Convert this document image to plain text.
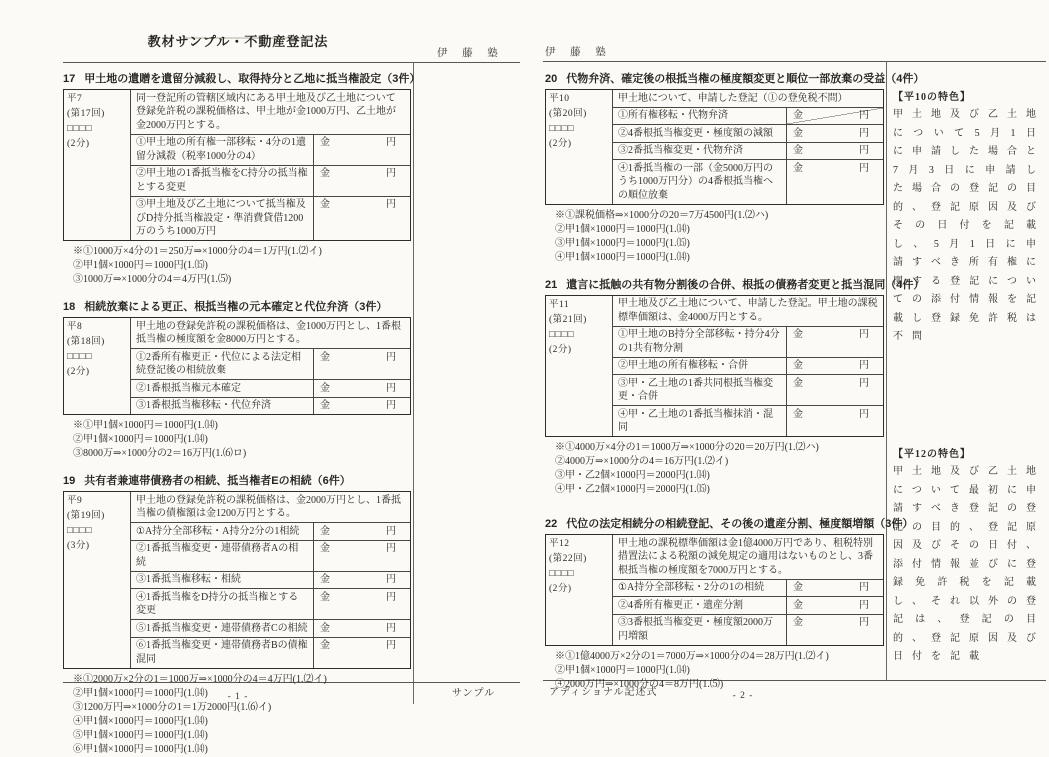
教材サンプル・不動産登記法
伊 藤 塾	伊 藤 塾
17 甲土地の遺贈を遺留分減殺し、取得持分と乙地に抵当権設定（3件）
平7
(第17回)
□□□□
(2分)
同一登記所の管轄区域内にある甲土地及び乙土地について登録免許税の課税価格は、甲土地が金1000万円、乙土地が金2000万円とする。
①甲土地の所有権一部移転・4分の1遺留分減殺（税率1000分の4）
金	円
②甲土地の1番抵当権をC持分の抵当権とする変更
金	円
③甲土地及び乙土地について抵当権及びD持分抵当権設定・準消費貸借1200万のうち1000万円
金	円
※①1000万×4分の1＝250万⇒×1000分の4＝1万円(1.⑵イ)
②甲1個×1000円＝1000円(1.⒂)
③1000万⇒×1000分の4＝4万円(1.⑸)
18 相続放棄による更正、根抵当権の元本確定と代位弁済（3件）
平8
(第18回)
□□□□
(2分)
甲土地の登録免許税の課税価格は、金1000万円とし、1番根抵当権の極度額を金8000万円とする。
①2番所有権更正・代位による法定相続登記後の相続放棄
金	円
②1番根抵当権元本確定	金	円
③1番根抵当権移転・代位弁済	金	円
※①甲1個×1000円＝1000円(1.⒁)
②甲1個×1000円＝1000円(1.⒁)
③8000万⇒×1000分の2＝16万円(1.⑹ロ)
19 共有者兼連帯債務者の相続、抵当権者Eの相続（6件）
平9
(第19回)
□□□□
(3分)
甲土地の登録免許税の課税価格は、金2000万円とし、1番抵当権の債権額は金1200万円とする。
①A持分全部移転・A持分2分の1相続	金	円
②1番抵当権変更・連帯債務者Aの相続
金	円
③1番抵当権移転・相続	金	円
④1番抵当権をD持分の抵当権とする変更
金	円
⑤1番抵当権変更・連帯債務者Cの相続	金	円
⑥1番抵当権変更・連帯債務者Bの債権混同
金	円
※①2000万×2分の1＝1000万⇒×1000分の4＝4万円(1.⑵イ)
②甲1個×1000円＝1000円(1.⒁)
③1200万円⇒×1000分の1＝1万2000円(1.⑹イ)
④甲1個×1000円＝1000円(1.⒁)
⑤甲1個×1000円＝1000円(1.⒁)
⑥甲1個×1000円＝1000円(1.⒁)
20 代物弁済、確定後の根抵当権の極度額変更と順位一部放棄の受益（4件）
平10
(第20回)
□□□□
(2分)
甲土地について、申請した登記（①の登免税不問）
①所有権移転・代物弁済	金	円
②4番根抵当権変更・極度額の減額	金	円
③2番抵当権変更・代物弁済	金	円
④1番抵当権の一部（金5000万円のうち1000万円分）の4番根抵当権への順位放棄
金	円
※①課税価格⇒×1000分の20＝7万4500円(1.⑵ハ)
②甲1個×1000円＝1000円(1.⒁)
③甲1個×1000円＝1000円(1.⒂)
④甲1個×1000円＝1000円(1.⒁)
21 遺言に抵触の共有物分割後の合併、根抵の債務者変更と抵当混同（4件）
平11
(第21回)
□□□□
(2分)
甲土地及び乙土地について、申請した登記。甲土地の課税標準価額は、金4000万円とする。
①甲土地のB持分全部移転・持分4分の1共有物分割
金	円
②甲土地の所有権移転・合併	金	円
③甲・乙土地の1番共同根抵当権変更・合併
金	円
④甲・乙土地の1番抵当権抹消・混同
金	円
※①4000万×4分の1＝1000万⇒×1000分の20＝20万円(1.⑵ハ)
②4000万⇒×1000分の4＝16万円(1.⑵イ)
③甲・乙2個×1000円＝2000円(1.⒁)
④甲・乙2個×1000円＝2000円(1.⒂)
22 代位の法定相続分の相続登記、その後の遺産分割、極度額増額（3件）
平12
(第22回)
□□□□
(2分)
甲土地の課税標準価額は金1億4000万円であり、租税特別措置法による税額の減免規定の適用はないものとし、3番根抵当権の極度額を7000万円とする。
①A持分全部移転・2分の1の相続	金	円
②4番所有権更正・遺産分割	金	円
③3番根抵当権変更・極度額2000万円増額
金	円
※①1億4000万×2分の1＝7000万⇒×1000分の4＝28万円(1.⑵イ)
②甲1個×1000円＝1000円(1.⒁)
④2000万円⇒×1000分の4＝8万円(1.⑸)
【平10の特色】
甲土地及び乙土地について5月1日に申請した場合と7月3日に申請した場合の登記の目的、登記原因及びその日付を記載し、5月1日に申請すべき所有権に関する登記についての添付情報を記載し登録免許税は不問
【平12の特色】
甲土地及び乙土地について最初に申請すべき登記の登記の目的、登記原因及びその日付、添付情報並びに登録免許税を記載し、それ以外の登記は、登記の目的、登記原因及び日付を記載
サンプル	アディショナル記述式
- 1 -	- 2 -
